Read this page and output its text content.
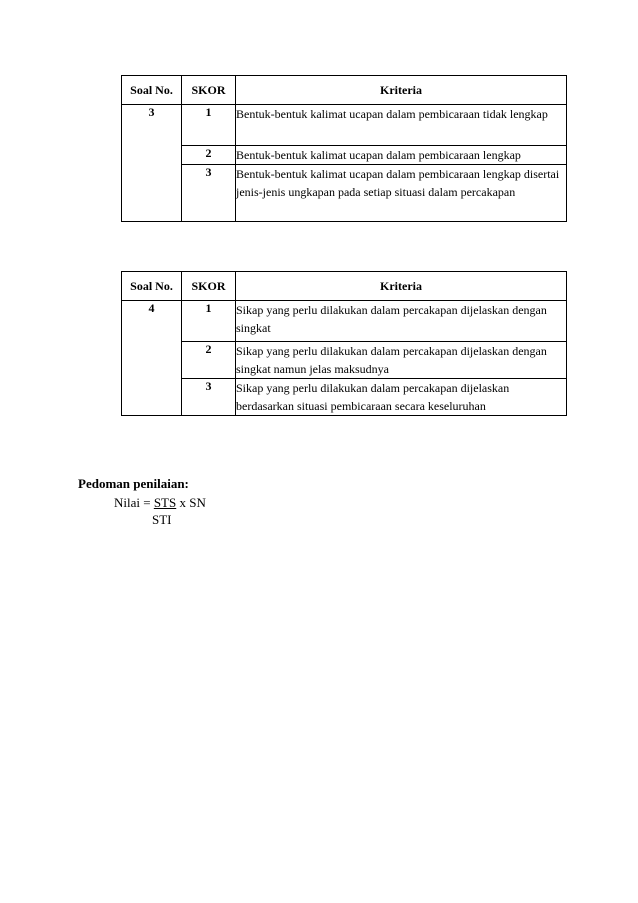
Soal No.	SKOR	Kriteria
3	1	Bentuk-bentuk kalimat ucapan dalam pembicaraan tidak lengkap
	2	Bentuk-bentuk kalimat ucapan dalam pembicaraan lengkap
	3	Bentuk-bentuk kalimat ucapan dalam pembicaraan lengkap disertai jenis-jenis ungkapan pada setiap situasi dalam percakapan
Soal No.	SKOR	Kriteria
4	1	Sikap yang perlu dilakukan dalam percakapan dijelaskan dengan singkat
	2	Sikap yang perlu dilakukan dalam percakapan dijelaskan dengan singkat namun jelas maksudnya
	3	Sikap yang perlu dilakukan dalam percakapan dijelaskan berdasarkan situasi pembicaraan secara keseluruhan
Pedoman penilaian:
Nilai = STS x SN
STI
